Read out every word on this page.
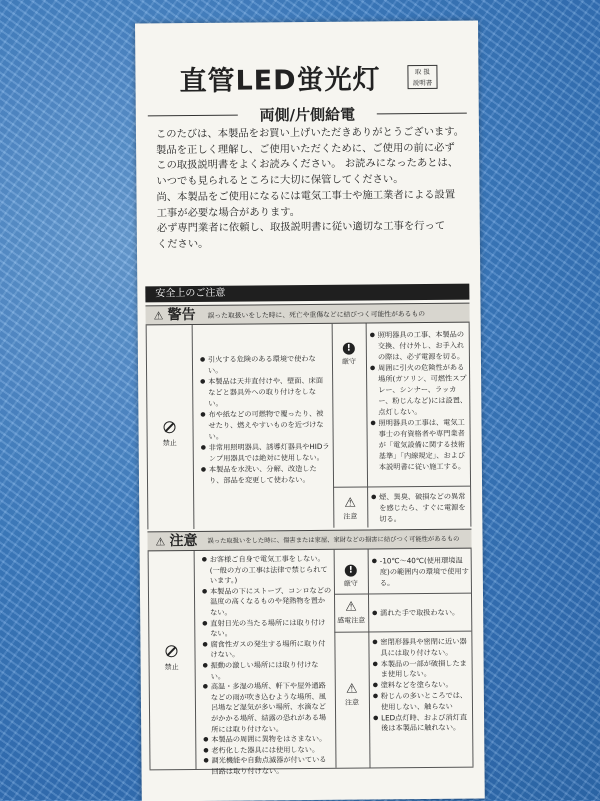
直管LED蛍光灯	取 扱
説明書
両側/片側給電
このたびは、本製品をお買い上げいただきありがとうございます。
製品を正しく理解し、ご使用いただくために、ご使用の前に必ず
この取扱説明書をよくお読みください。 お読みになったあとは、
いつでも見られるところに大切に保管してください。
尚、本製品をご使用になるには電気工事士や施工業者による設置
工事が必要な場合があります。
必ず専門業者に依頼し、取扱説明書に従い適切な工事を行って
ください。
安全上のご注意
⚠ 警告 誤った取扱いをした時に、死亡や重傷などに結びつく可能性があるもの
禁止
● 引火する危険のある環境で使わない。
● 本製品は天井直付けや、壁面、床面などと器具外への取り付けをしない。
● 布や紙などの可燃物で覆ったり、被せたり、燃えやすいものを近づけない。
● 非常用照明器具、誘導灯器具やHIDランプ用器具では絶対に使用しない。
● 本製品を水洗い、分解、改造したり、部品を変更して使わない。
!
厳守
● 照明器具の工事、本製品の交換、付け外し、お手入れの際は、必ず電源を切る。
● 周囲に引火の危険性がある場所(ガソリン、可燃性スプレー、シンナー、ラッカー、粉じんなど)には設置、点灯しない。
● 照明器具の工事は、電気工事士の有資格者や専門業者が「電気設備に関する技術基準」「内線規定」、および本説明書に従い施工する。
⚠
注意
● 煙、異臭、破損などの異常を感じたら、すぐに電源を切る。
⚠ 注意 誤った取扱いをした時に、傷害または家屋、家財などの損害に結びつく可能性があるもの
禁止
● お客様ご自身で電気工事をしない。(一般の方の工事は法律で禁じられています。)
● 本製品の下にストーブ、コンロなどの温度の高くなるものや発熱物を置かない。
● 直射日光の当たる場所には取り付けない。
● 腐食性ガスの発生する場所に取り付けない。
● 振動の激しい場所には取り付けない。
● 高温・多湿の場所、軒下や屋外通路などの雨が吹き込むような場所、風呂場など湿気が多い場所、水滴などがかかる場所、結露の恐れがある場所には取り付けない。
● 本製品の周囲に異物をはさまない。
● 老朽化した器具には使用しない。
● 調光機能や自動点滅器が付いている回路は取り付けない。
!
厳守
● -10℃〜40℃(使用環境温度)の範囲内の環境で使用する。
⚠
感電注意
● 濡れた手で取扱わない。
⚠
注意
● 密閉形器具や密閉に近い器具には取り付けない。
● 本製品の一部が破損したまま使用しない。
● 塗料などを塗らない。
● 粉じんの多いところでは、使用しない、触らない
● LED点灯時、および消灯直後は本製品に触れない。
